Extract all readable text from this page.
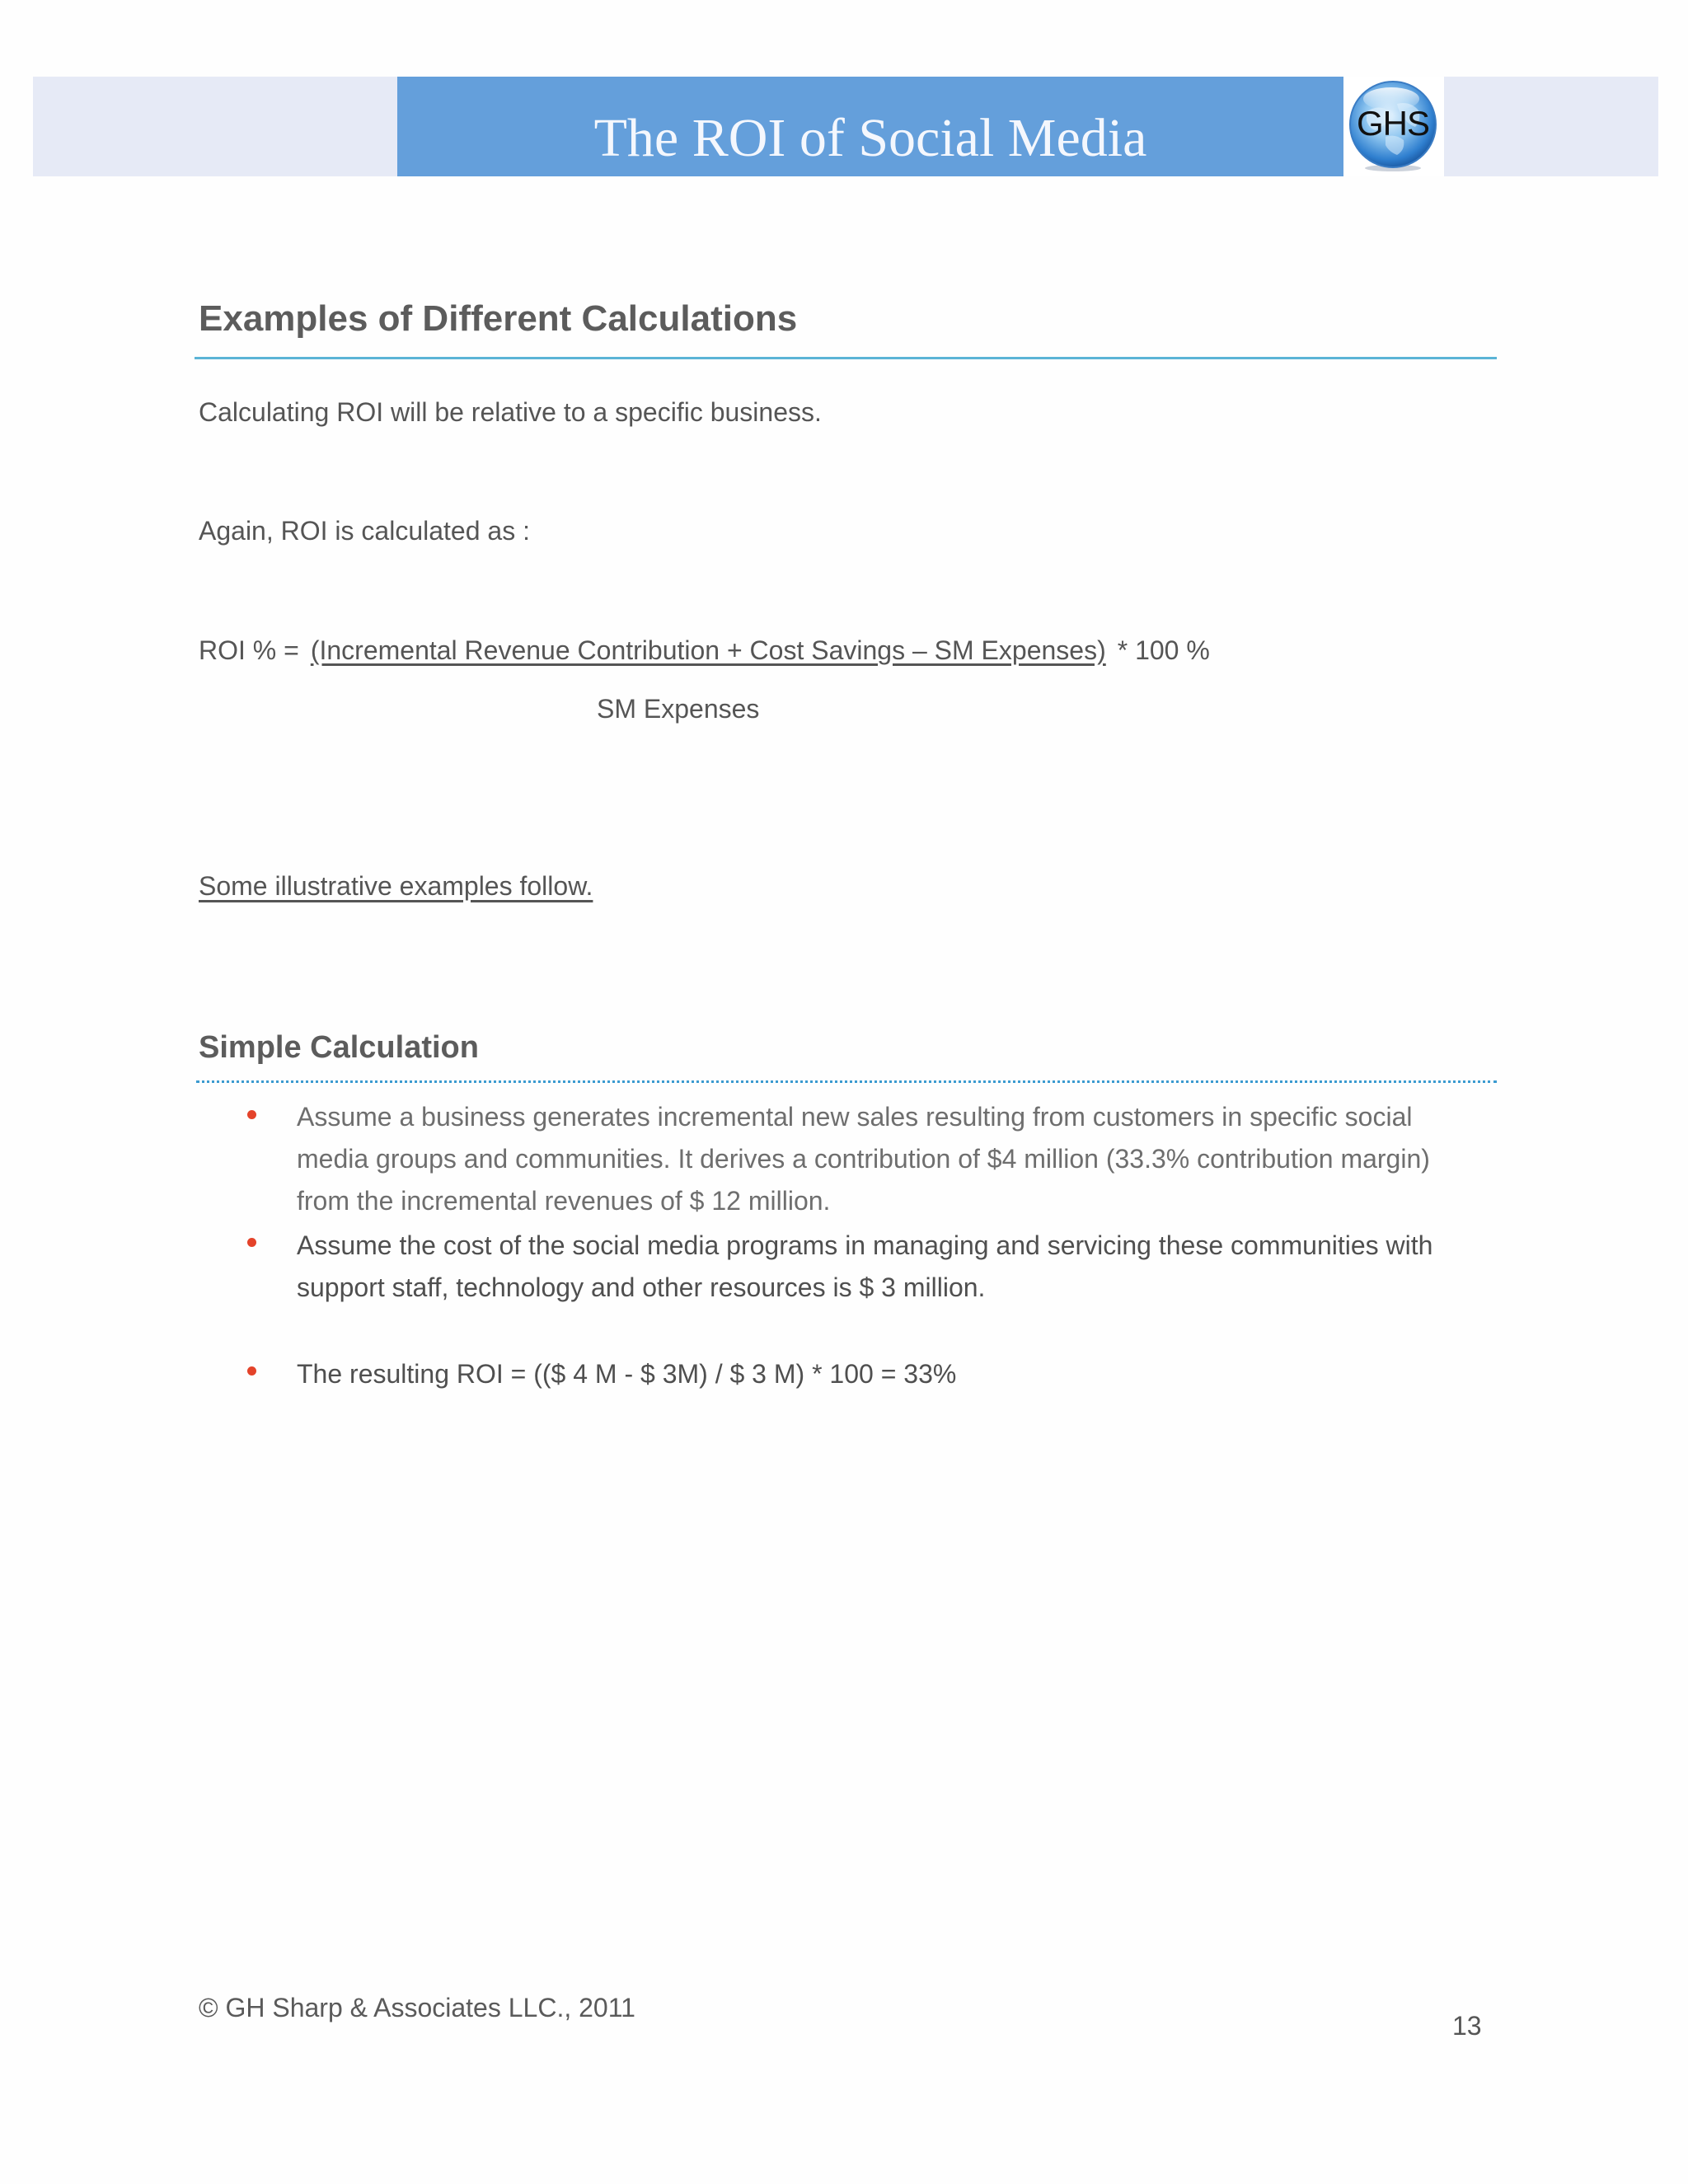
The ROI of Social Media	GHS
Examples of Different Calculations

Calculating ROI will be relative to a specific business.

Again, ROI is calculated as :

ROI % = (Incremental Revenue Contribution + Cost Savings – SM Expenses) * 100 %
SM Expenses
Some illustrative examples follow.
Simple Calculation

Assume a business generates incremental new sales resulting from customers in specific social media groups and communities. It derives a contribution of $4 million (33.3% contribution margin) from the incremental revenues of $ 12 million.

Assume the cost of the social media programs in managing and servicing these communities with support staff, technology and other resources is $ 3 million.

The resulting ROI = (($ 4 M - $ 3M) / $ 3 M) * 100 = 33%

© GH Sharp & Associates LLC., 2011
13
